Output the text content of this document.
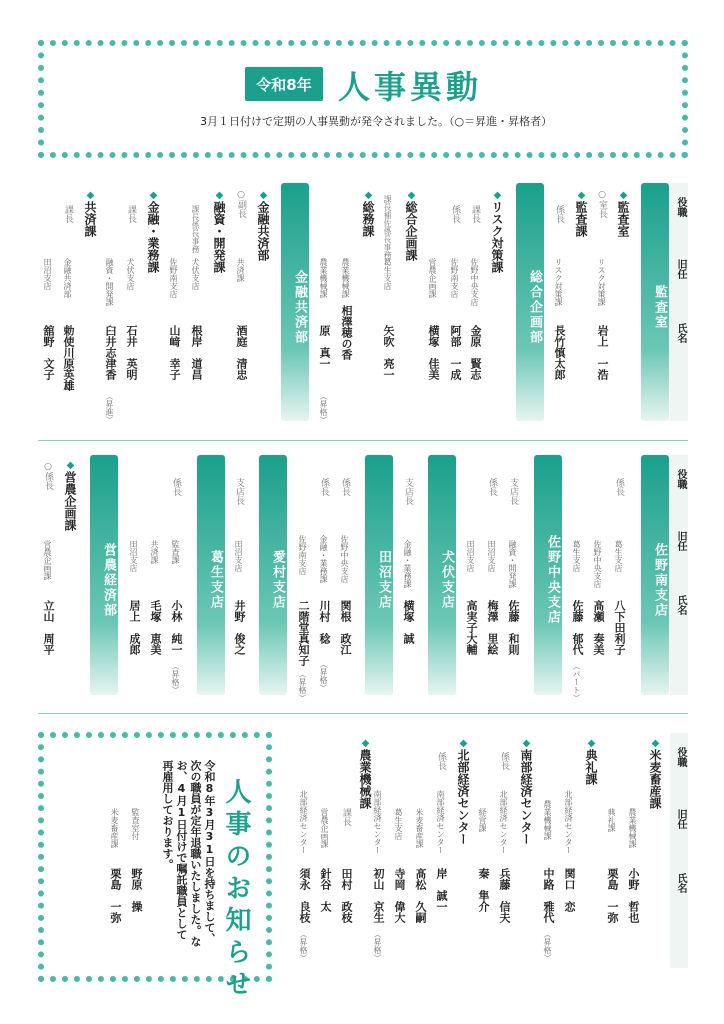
令和8年 人事異動
3月１日付けで定期の人事異動が発令されました。（○＝昇進・昇格者）
役職
旧任
氏名
役職
旧任
氏名
役職
旧任
氏名
監査室
◆監査室
○室長
リスク対策課
岩上　一浩
◆監査課
係長
リスク対策課
長竹慎太郎
総合企画部
◆リスク対策課
課長
佐野中央支店
金原　賢志
係長
佐野南支店
阿部　一成
営農企画課
横塚　佳美
◆総合企画課
課長補佐係長事務
葛生支店
矢吹　亮一
◆総務課
農業機械課
相澤穂の香
農業機械課
原　真一
（昇格）
金融共済部
◆金融共済部
○副長
共済課
酒庭　清忠
◆融資・開発課
課長係長事務
犬伏支店
根岸　道昌
佐野南支店
山﨑　幸子
◆金融・業務課
課長
犬伏支店
石井　英明
融資・開発課
臼井志津香
（昇進）
◆共済課
課長
金融共済部
勅使川原英雄
田沼支店
舘野　文子
佐野南支店
係長
葛生支店
八下田利子
佐野中央支店
髙瀬　奏美
葛生支店
佐藤　郁代
（パート）
佐野中央支店
支店長
融資・開発課
佐藤　和則
係長
田沼支店
梅澤　里絵
田沼支店
高実子大輔
犬伏支店
支店長
金融・業務課
横塚　誠
田沼支店
係長
佐野中央支店
関根　政江
係長
金融・業務課
川村　稔
（昇格）
佐野南支店
二階堂真知子
（昇格）
愛村支店
支店長
田沼支店
井野　俊之
葛生支店
係長
監査課
小林　純一
（昇格）
共済課
毛塚　恵美
田沼支店
居上　成郎
営農経済部
◆営農企画課
○係長
営農企画課
立山　周平
◆米麦畜産課
農業機械課
小野　哲也
典礼課
栗島　一弥
◆典礼課
北部経済センター
関口　恋
農業機械課
中路　雅代
（昇格）
◆南部経済センター
係長
北部経済センター
兵藤　信夫
経営課
秦　隼介
◆北部経済センター
係長
南部経済センター
岸　誠一
米麦畜産課
髙松　久嗣
葛生支店
寺岡　偉大
南部経済センター
初山　京生
（昇格）
◆農業機械課
課長
田村　政枝
営農企画課
針谷　太
北部経済センター
須永　良枝
（昇格）
人事のお知らせ
令和8年3月31日を持ちまして、次の職員が定年退職いたしました。なお、4月1日付けで嘱託職員として再雇用しております。
監査室付
野原　操
米麦畜産課
栗島　一弥
